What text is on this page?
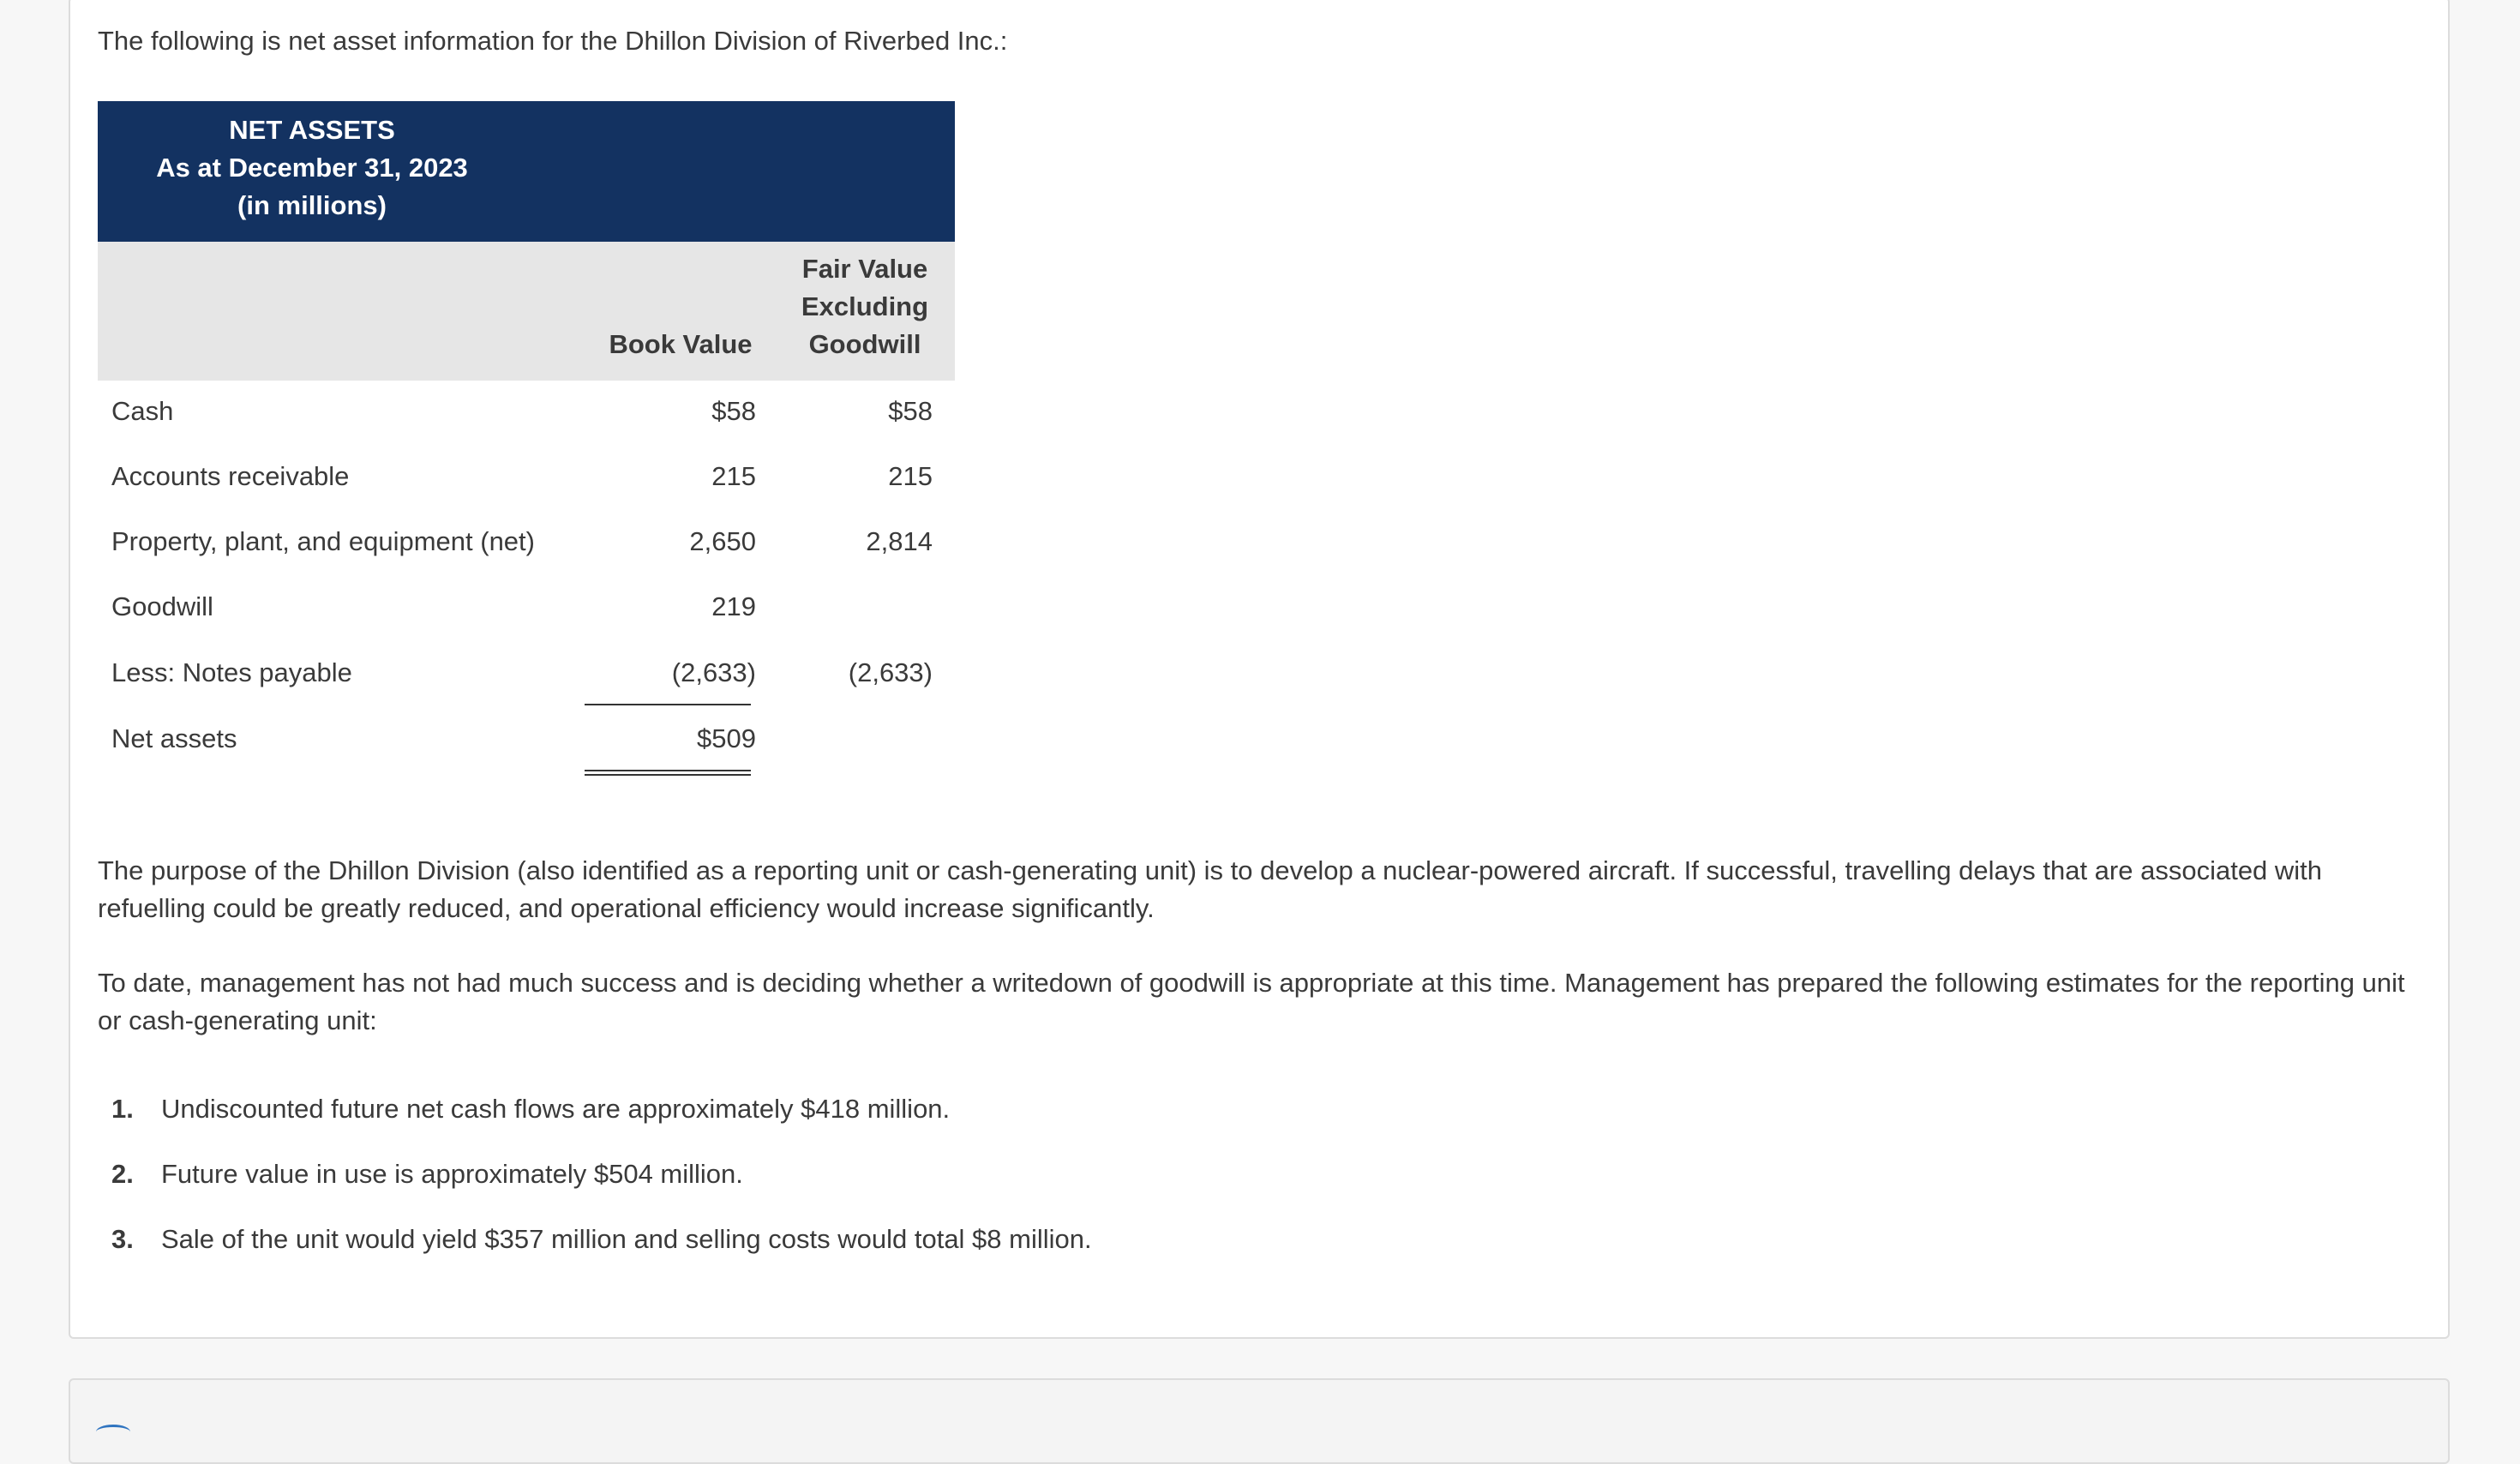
The following is net asset information for the Dhillon Division of Riverbed Inc.:
NET ASSETS
As at December 31, 2023
(in millions)
Book Value
Fair Value
Excluding
Goodwill
Cash	$58	$58
Accounts receivable	215	215
Property, plant, and equipment (net)	2,650	2,814
Goodwill	219
Less: Notes payable	(2,633)	(2,633)
Net assets	$509
The purpose of the Dhillon Division (also identified as a reporting unit or cash-generating unit) is to develop a nuclear-powered aircraft. If successful, travelling delays that are associated with refuelling could be greatly reduced, and operational efficiency would increase significantly.
To date, management has not had much success and is deciding whether a writedown of goodwill is appropriate at this time. Management has prepared the following estimates for the reporting unit or cash-generating unit:
1. Undiscounted future net cash flows are approximately $418 million.
2. Future value in use is approximately $504 million.
3. Sale of the unit would yield $357 million and selling costs would total $8 million.
